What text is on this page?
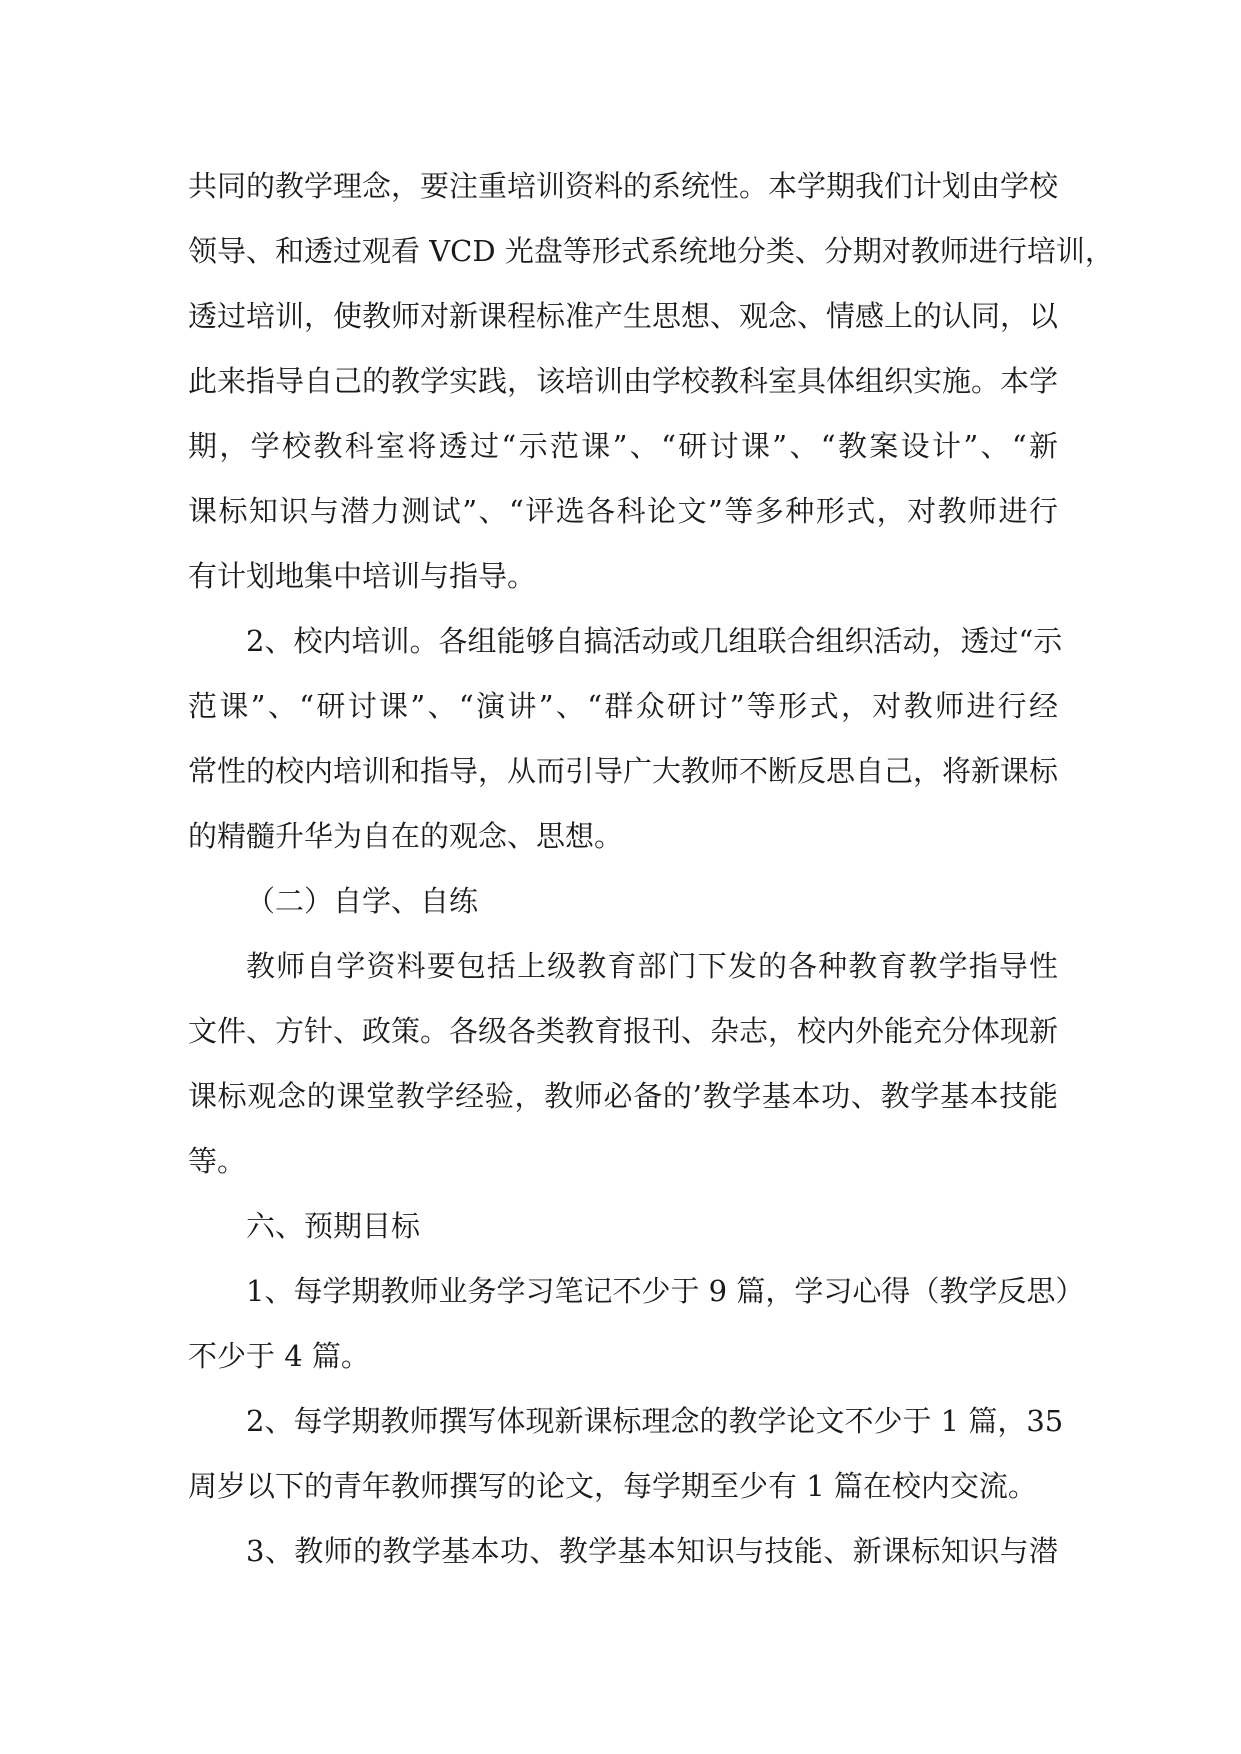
共同的教学理念，要注重培训资料的系统性。本学期我们计划由学校
领导、和透过观看 VCD 光盘等形式系统地分类、分期对教师进行培训，
透过培训，使教师对新课程标准产生思想、观念、情感上的认同，以
此来指导自己的教学实践，该培训由学校教科室具体组织实施。本学
期，学校教科室将透过“示范课”、“研讨课”、“教案设计”、“新
课标知识与潜力测试”、“评选各科论文”等多种形式，对教师进行
有计划地集中培训与指导。
2、校内培训。各组能够自搞活动或几组联合组织活动，透过“示
范课”、“研讨课”、“演讲”、“群众研讨”等形式，对教师进行经
常性的校内培训和指导，从而引导广大教师不断反思自己，将新课标
的精髓升华为自在的观念、思想。
（二）自学、自练
教师自学资料要包括上级教育部门下发的各种教育教学指导性
文件、方针、政策。各级各类教育报刊、杂志，校内外能充分体现新
课标观念的课堂教学经验，教师必备的’教学基本功、教学基本技能
等。
六、预期目标
1、每学期教师业务学习笔记不少于 9 篇，学习心得（教学反思）
不少于 4 篇。
2、每学期教师撰写体现新课标理念的教学论文不少于 1 篇，35
周岁以下的青年教师撰写的论文，每学期至少有 1 篇在校内交流。
3、教师的教学基本功、教学基本知识与技能、新课标知识与潜
